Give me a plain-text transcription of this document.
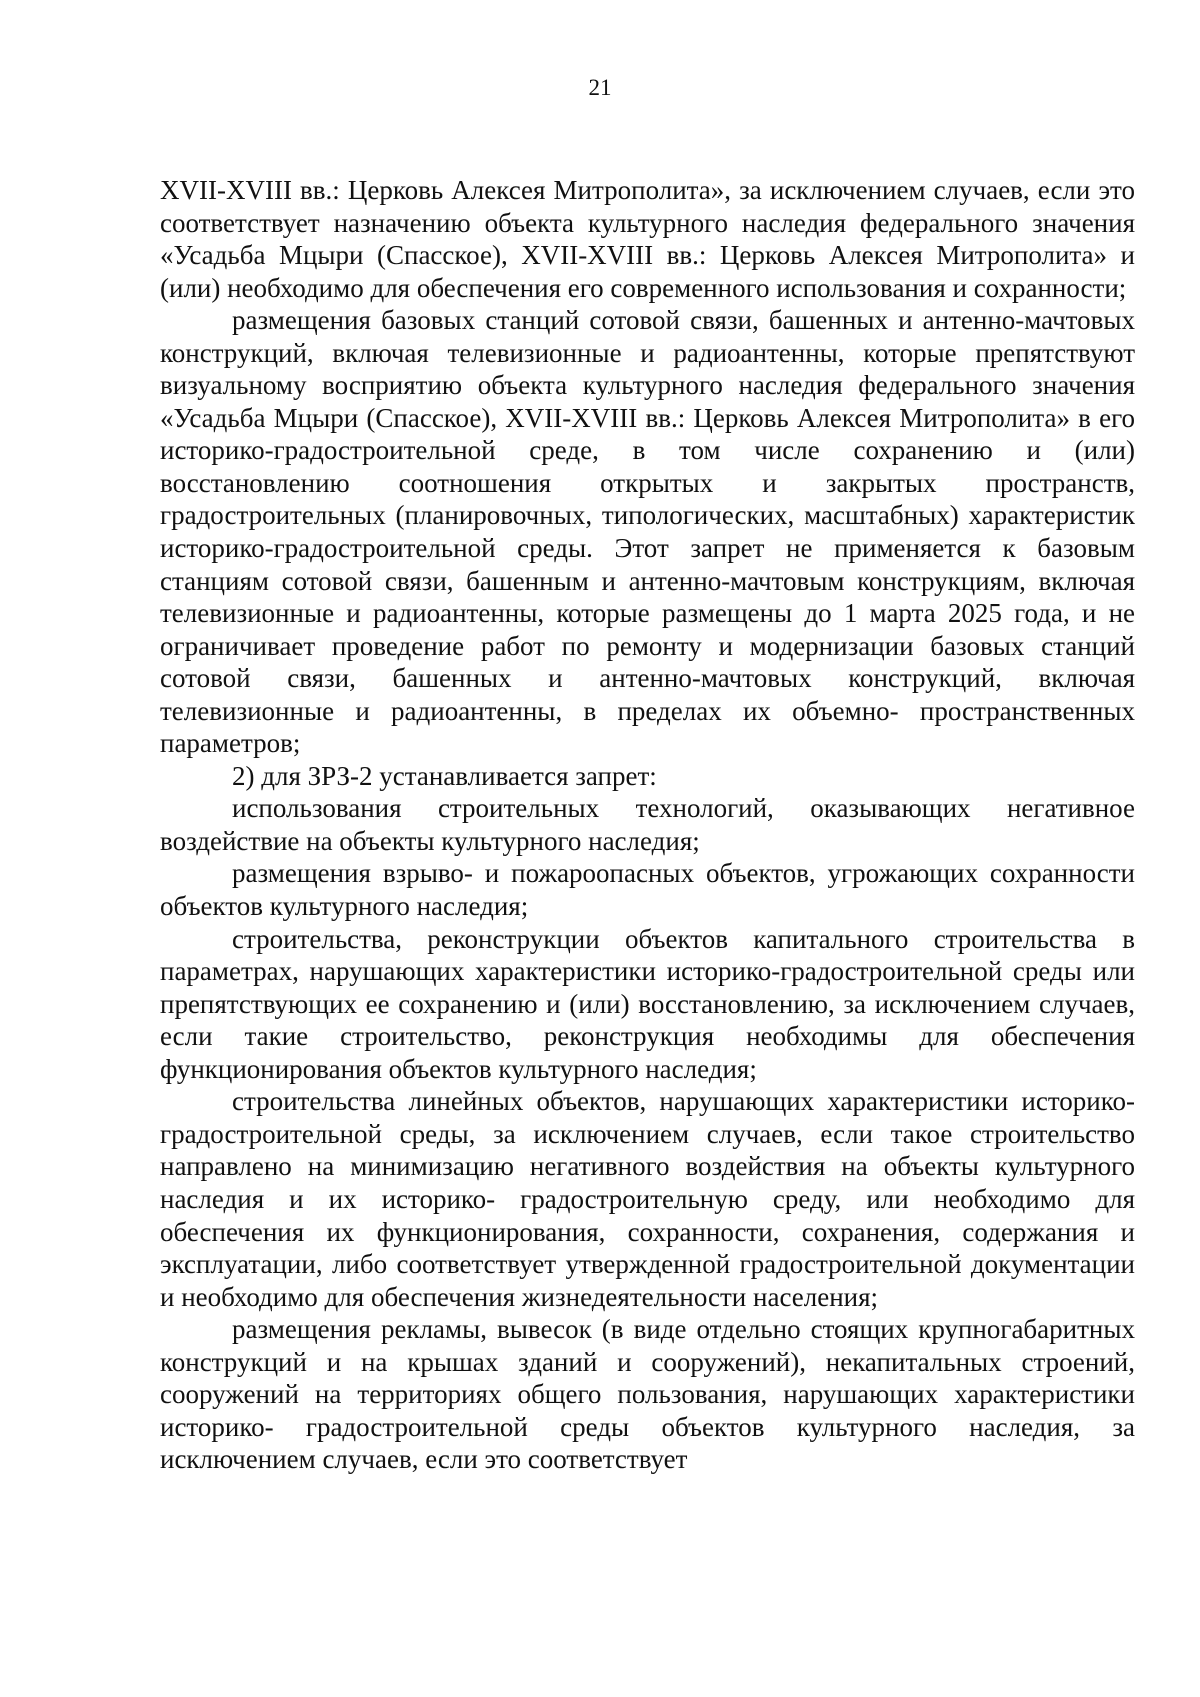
21

XVII-XVIII вв.: Церковь Алексея Митрополита», за исключением случаев, если это соответствует назначению объекта культурного наследия федерального значения «Усадьба Мцыри (Спасское), XVII-XVIII вв.: Церковь Алексея Митрополита» и (или) необходимо для обеспечения его современного использования и сохранности;

размещения базовых станций сотовой связи, башенных и антенно-мачтовых конструкций, включая телевизионные и радиоантенны, которые препятствуют визуальному восприятию объекта культурного наследия федерального значения «Усадьба Мцыри (Спасское), XVII-XVIII вв.: Церковь Алексея Митрополита» в его историко-градостроительной среде, в том числе сохранению и (или) восстановлению соотношения открытых и закрытых пространств, градостроительных (планировочных, типологических, масштабных) характеристик историко-градостроительной среды. Этот запрет не применяется к базовым станциям сотовой связи, башенным и антенно-мачтовым конструкциям, включая телевизионные и радиоантенны, которые размещены до 1 марта 2025 года, и не ограничивает проведение работ по ремонту и модернизации базовых станций сотовой связи, башенных и антенно-мачтовых конструкций, включая телевизионные и радиоантенны, в пределах их объемно- пространственных параметров;

2) для ЗРЗ-2 устанавливается запрет:

использования строительных технологий, оказывающих негативное воздействие на объекты культурного наследия;

размещения взрыво- и пожароопасных объектов, угрожающих сохранности объектов культурного наследия;

строительства, реконструкции объектов капитального строительства в параметрах, нарушающих характеристики историко-градостроительной среды или препятствующих ее сохранению и (или) восстановлению, за исключением случаев, если такие строительство, реконструкция необходимы для обеспечения функционирования объектов культурного наследия;

строительства линейных объектов, нарушающих характеристики историко- градостроительной среды, за исключением случаев, если такое строительство направлено на минимизацию негативного воздействия на объекты культурного наследия и их историко- градостроительную среду, или необходимо для обеспечения их функционирования, сохранности, сохранения, содержания и эксплуатации, либо соответствует утвержденной градостроительной документации и необходимо для обеспечения жизнедеятельности населения;

размещения рекламы, вывесок (в виде отдельно стоящих крупногабаритных конструкций и на крышах зданий и сооружений), некапитальных строений, сооружений на территориях общего пользования, нарушающих характеристики историко- градостроительной среды объектов культурного наследия, за исключением случаев, если это соответствует
